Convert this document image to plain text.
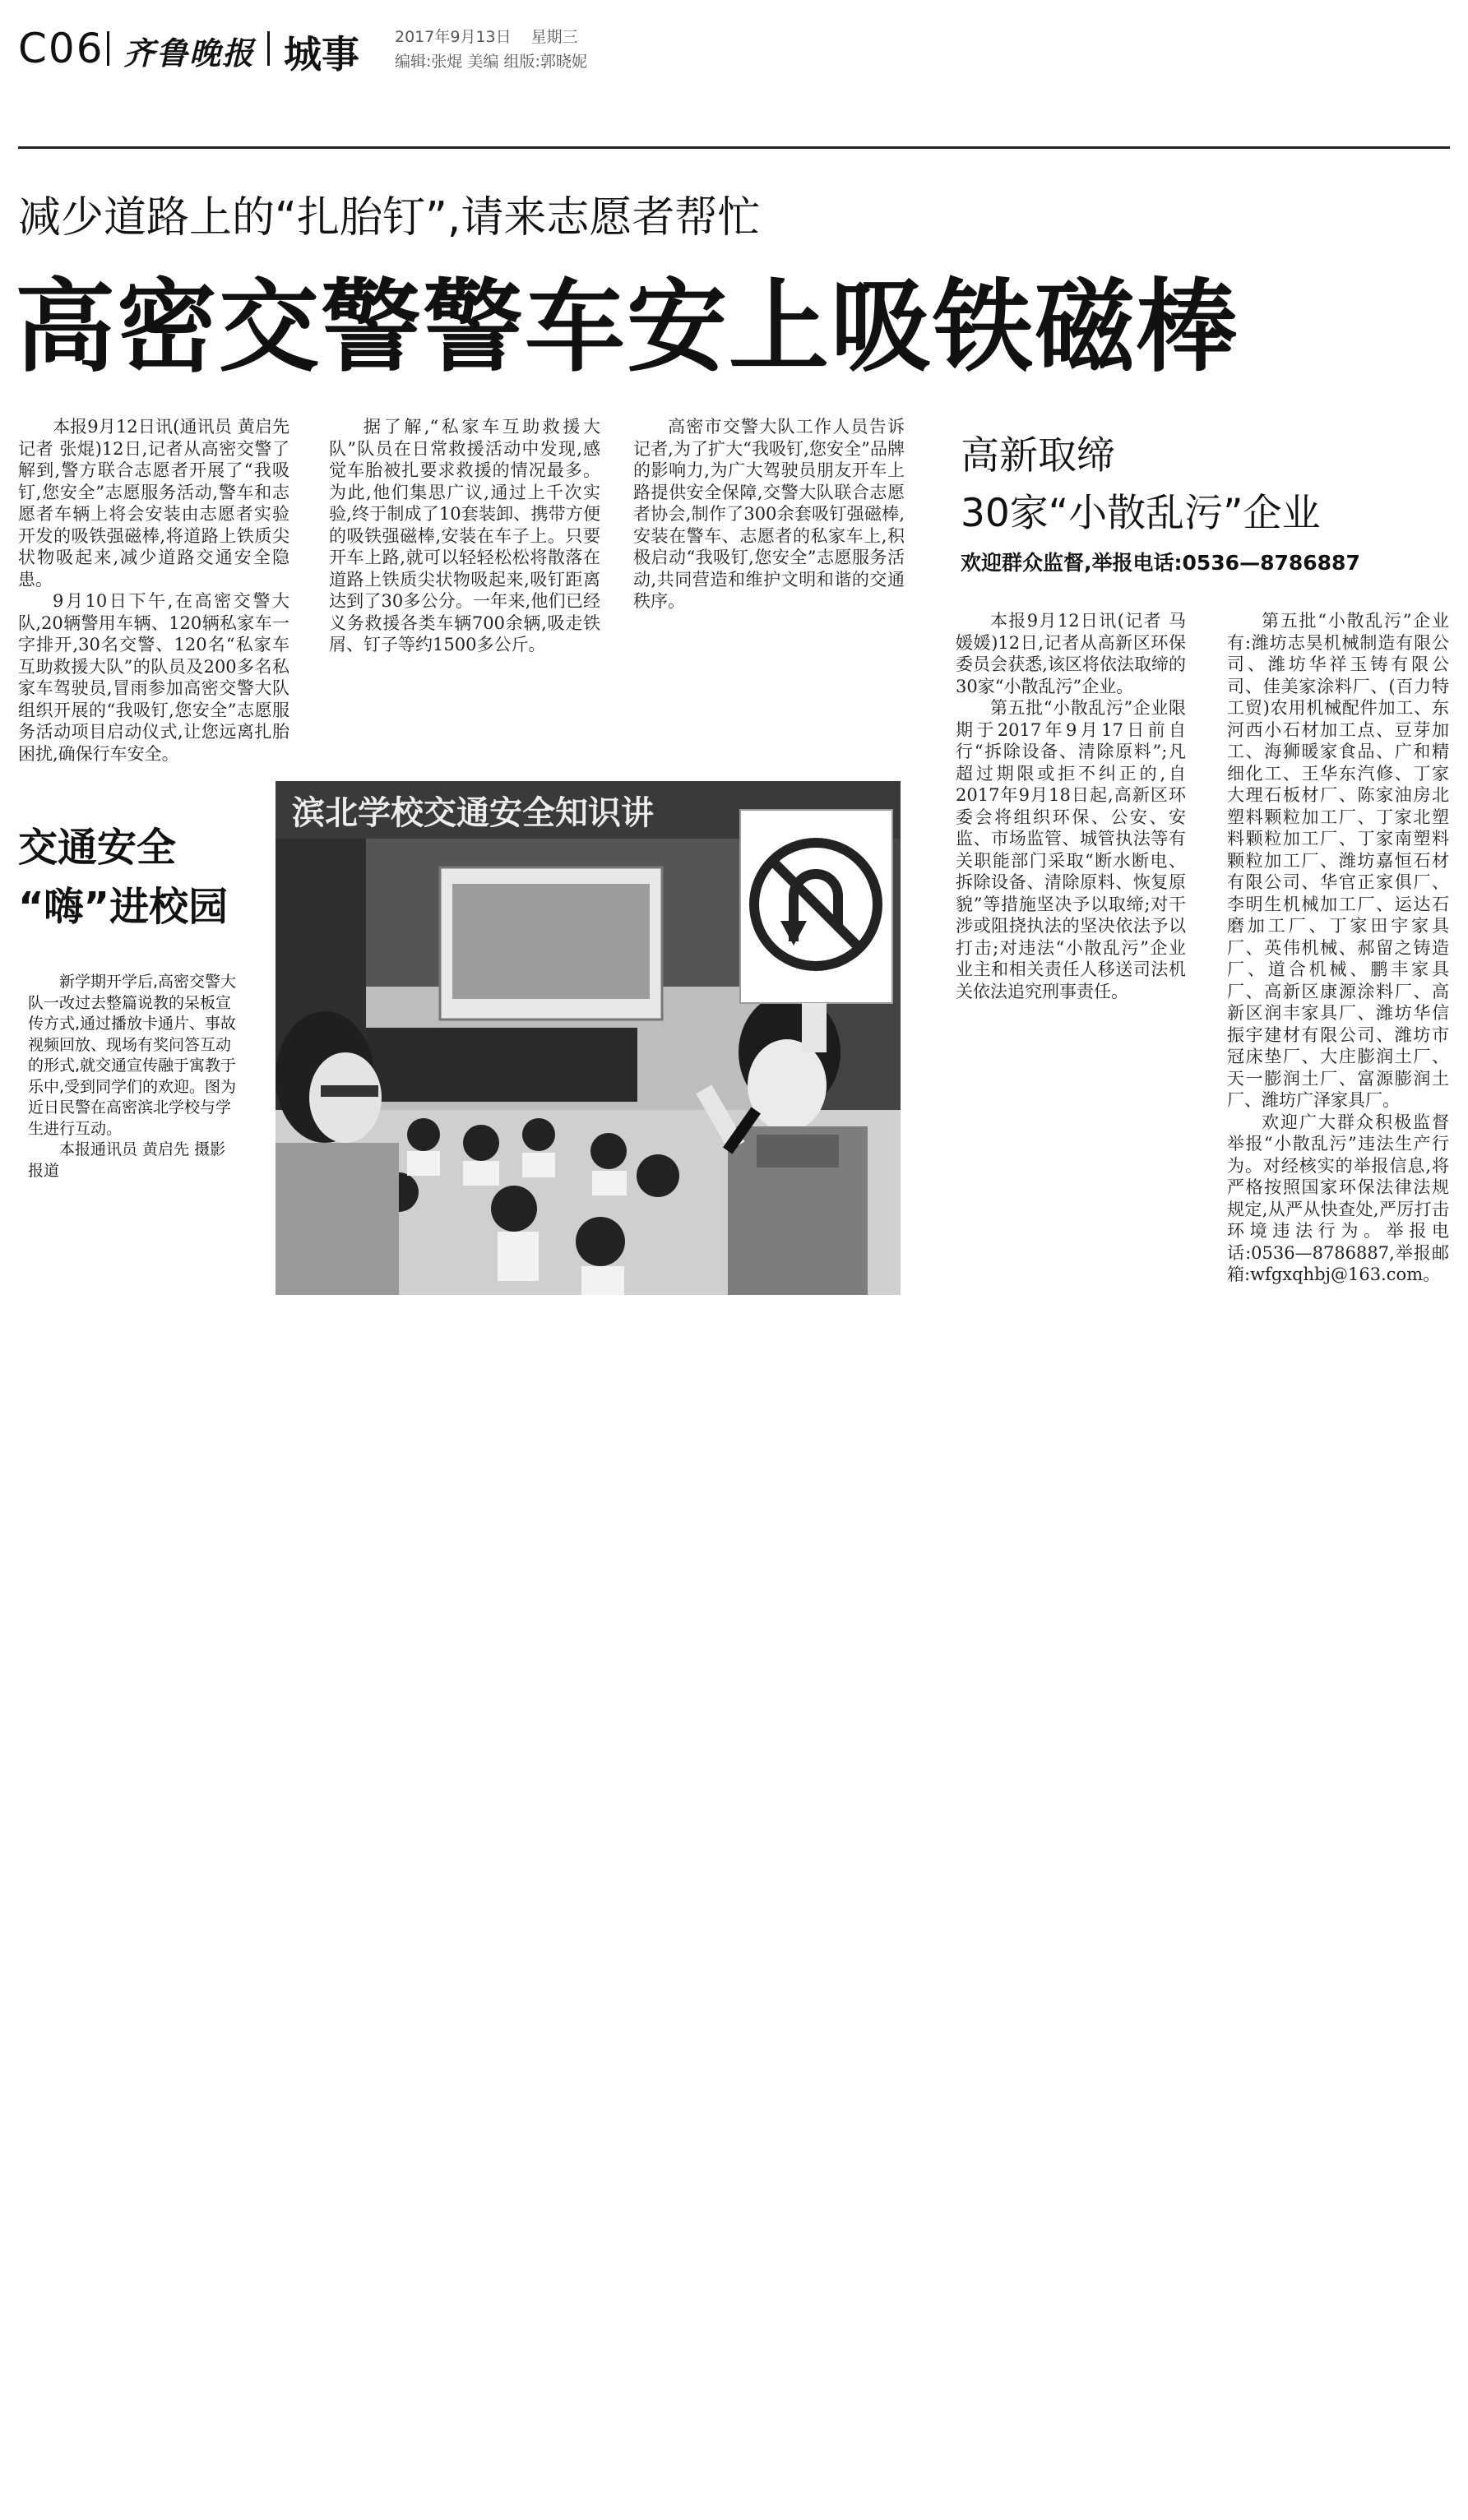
C06 齐鲁晚报 城事 2017年9月13日 星期三
编辑:张焜 美编 组版:郭晓妮
减少道路上的“扎胎钉”,请来志愿者帮忙
高密交警警车安上吸铁磁棒

本报9月12日讯(通讯员 黄启先 记者 张焜)12日,记者从高密交警了解到,警方联合志愿者开展了“我吸钉,您安全”志愿服务活动,警车和志愿者车辆上将会安装由志愿者实验开发的吸铁强磁棒,将道路上铁质尖状物吸起来,减少道路交通安全隐患。

9月10日下午,在高密交警大队,20辆警用车辆、120辆私家车一字排开,30名交警、120名“私家车互助救援大队”的队员及200多名私家车驾驶员,冒雨参加高密交警大队组织开展的“我吸钉,您安全”志愿服务活动项目启动仪式,让您远离扎胎困扰,确保行车安全。

据了解,“私家车互助救援大队”队员在日常救援活动中发现,感觉车胎被扎要求救援的情况最多。为此,他们集思广议,通过上千次实验,终于制成了10套装卸、携带方便的吸铁强磁棒,安装在车子上。只要开车上路,就可以轻轻松松将散落在道路上铁质尖状物吸起来,吸钉距离达到了30多公分。一年来,他们已经义务救援各类车辆700余辆,吸走铁屑、钉子等约1500多公斤。

高密市交警大队工作人员告诉记者,为了扩大“我吸钉,您安全”品牌的影响力,为广大驾驶员朋友开车上路提供安全保障,交警大队联合志愿者协会,制作了300余套吸钉强磁棒,安装在警车、志愿者的私家车上,积极启动“我吸钉,您安全”志愿服务活动,共同营造和维护文明和谐的交通秩序。

高新取缔
30家“小散乱污”企业
欢迎群众监督,举报电话:0536—8786887

本报9月12日讯(记者 马媛媛)12日,记者从高新区环保委员会获悉,该区将依法取缔的30家“小散乱污”企业。

第五批“小散乱污”企业限期于2017年9月17日前自行“拆除设备、清除原料”;凡超过期限或拒不纠正的,自2017年9月18日起,高新区环委会将组织环保、公安、安监、市场监管、城管执法等有关职能部门采取“断水断电、拆除设备、清除原料、恢复原貌”等措施坚决予以取缔;对干涉或阻挠执法的坚决依法予以打击;对违法“小散乱污”企业业主和相关责任人移送司法机关依法追究刑事责任。

第五批“小散乱污”企业有:潍坊志昊机械制造有限公司、潍坊华祥玉铸有限公司、佳美家涂料厂、(百力特工贸)农用机械配件加工、东河西小石材加工点、豆芽加工、海狮暖家食品、广和精细化工、王华东汽修、丁家大理石板材厂、陈家油房北塑料颗粒加工厂、丁家北塑料颗粒加工厂、丁家南塑料颗粒加工厂、潍坊嘉恒石材有限公司、华官正家俱厂、李明生机械加工厂、运达石磨加工厂、丁家田宇家具厂、英伟机械、郝留之铸造厂、道合机械、鹏丰家具厂、高新区康源涂料厂、高新区润丰家具厂、潍坊华信振宇建材有限公司、潍坊市冠床垫厂、大庄膨润土厂、天一膨润土厂、富源膨润土厂、潍坊广泽家具厂。

欢迎广大群众积极监督举报“小散乱污”违法生产行为。对经核实的举报信息,将严格按照国家环保法律法规规定,从严从快查处,严厉打击环境违法行为。举报电话:0536—8786887,举报邮箱:wfgxqhbj@163.com。

交通安全
“嗨”进校园

新学期开学后,高密交警大队一改过去整篇说教的呆板宣传方式,通过播放卡通片、事故视频回放、现场有奖问答互动的形式,就交通宣传融于寓教于乐中,受到同学们的欢迎。图为近日民警在高密滨北学校与学生进行互动。

本报通讯员 黄启先 摄影报道

滨北学校交通安全知识讲
